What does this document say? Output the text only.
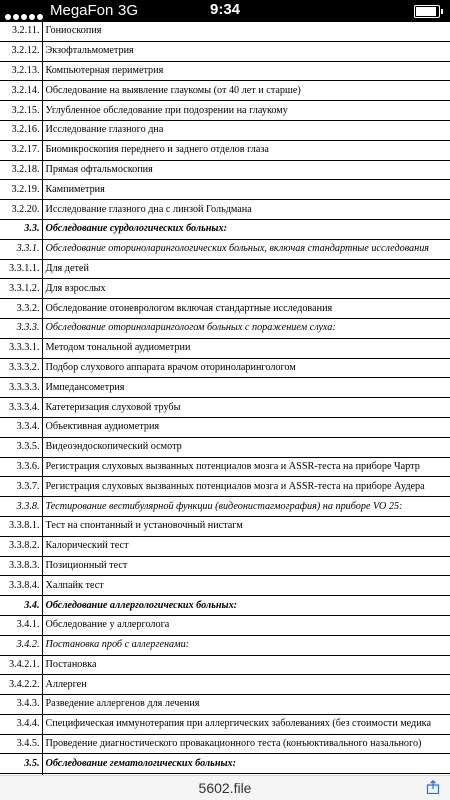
MegaFon 3G	9:34
3.2.11.	Гониоскопия
3.2.12.	Экзофтальмометрия
3.2.13.	Компьютерная периметрия
3.2.14.	Обследование на выявление глаукомы (от 40 лет и старше)
3.2.15.	Углубленное обследование при подозрении на глаукому
3.2.16.	Исследование глазного дна
3.2.17.	Биомикроскопия переднего и заднего отделов глаза
3.2.18.	Прямая офтальмоскопия
3.2.19.	Кампиметрия
3.2.20.	Исследование глазного дна с линзой Гольдмана
3.3.	Обследование сурдологических больных:
3.3.1.	Обследование оториноларингологических больных, включая стандартные исследования
3.3.1.1.	Для детей
3.3.1.2.	Для взрослых
3.3.2.	Обследование отоневрологом включая стандартные исследования
3.3.3.	Обследование оториноларингологом больных с поражением слуха:
3.3.3.1.	Методом тональной аудиометрии
3.3.3.2.	Подбор слухового аппарата врачом оториноларингологом
3.3.3.3.	Импедансометрия
3.3.3.4.	Катетеризация слуховой трубы
3.3.4.	Объективная аудиометрия
3.3.5.	Видеоэндоскопический осмотр
3.3.6.	Регистрация слуховых вызванных потенциалов мозга и ASSR-теста на приборе Чартр
3.3.7.	Регистрация слуховых вызванных потенциалов мозга и ASSR-теста на приборе Аудера
3.3.8.	Тестирование вестибулярной функции (видеонистагмография) на приборе VO 25:
3.3.8.1.	Тест на спонтанный и установочный нистагм
3.3.8.2.	Калорический тест
3.3.8.3.	Позиционный тест
3.3.8.4.	Халпайк тест
3.4.	Обследование аллергологических больных:
3.4.1.	Обследование у аллерголога
3.4.2.	Постановка проб с аллергенами:
3.4.2.1.	Постановка
3.4.2.2.	Аллерген
3.4.3.	Разведение аллергенов для лечения
3.4.4.	Специфическая иммунотерапия при аллергических заболеваниях (без стоимости медика
3.4.5.	Проведение диагностического провакационного теста (конъюктивального назального)
3.5.	Обследование гематологических больных:

5602.file
